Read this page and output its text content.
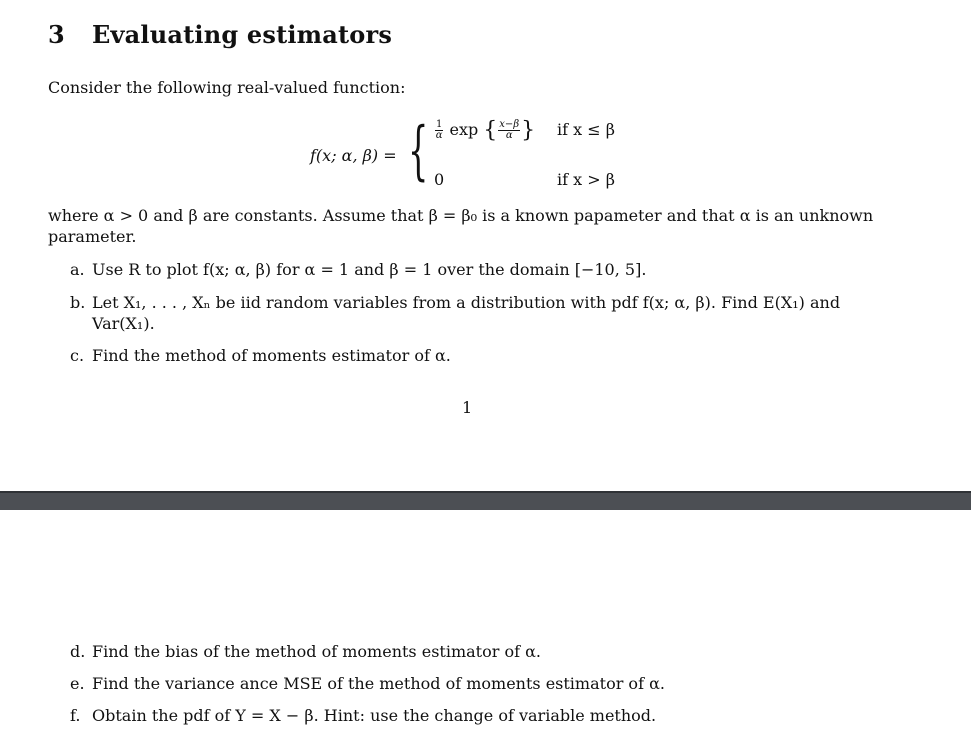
3 Evaluating estimators
Consider the following real-valued function:
f(x; α, β) = { $\frac{1}{\alpha}$ exp { $\frac{x-\beta}{\alpha}$ } if x ≤ β
0	if x > β
where α > 0 and β are constants. Assume that β = β₀ is a known papameter and that α is an unknown parameter.
a. Use R to plot f(x; α, β) for α = 1 and β = 1 over the domain [−10, 5].
b. Let X₁, . . . , Xₙ be iid random variables from a distribution with pdf f(x; α, β). Find E(X₁) and Var(X₁).
c. Find the method of moments estimator of α.
1
d. Find the bias of the method of moments estimator of α.
e. Find the variance ance MSE of the method of moments estimator of α.
f. Obtain the pdf of Y = X − β. Hint: use the change of variable method.
